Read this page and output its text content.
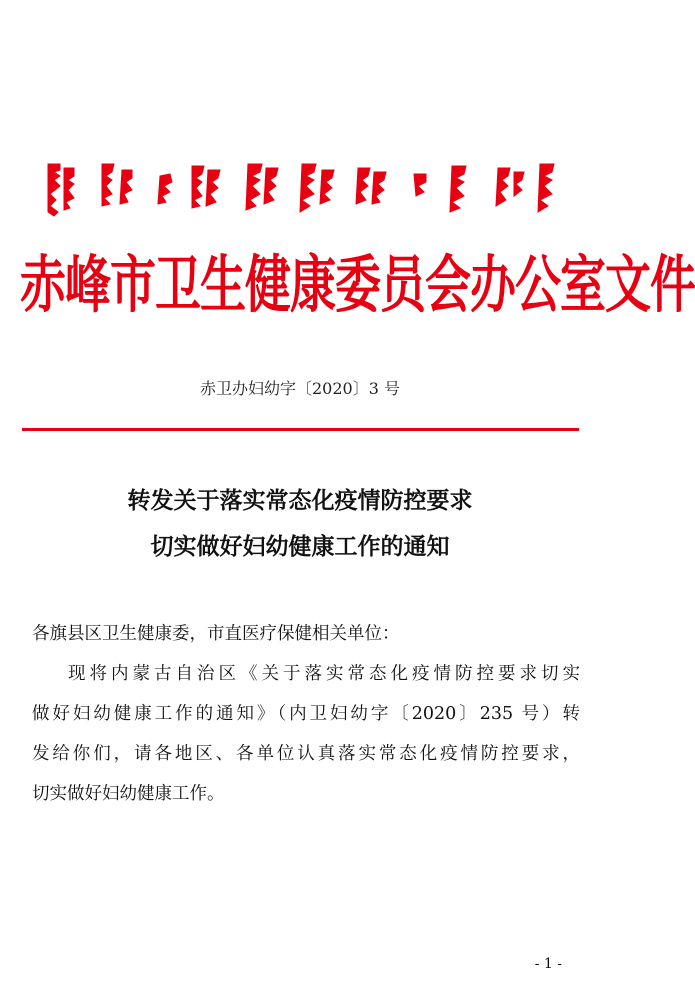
赤峰市卫生健康委员会办公室文件
赤卫办妇幼字〔2020〕3 号
转发关于落实常态化疫情防控要求
切实做好妇幼健康工作的通知
各旗县区卫生健康委，市直医疗保健相关单位：
现将内蒙古自治区《关于落实常态化疫情防控要求切实
做好妇幼健康工作的通知》（内卫妇幼字〔2020〕235 号）转
发给你们，请各地区、各单位认真落实常态化疫情防控要求，
切实做好妇幼健康工作。
- 1 -
